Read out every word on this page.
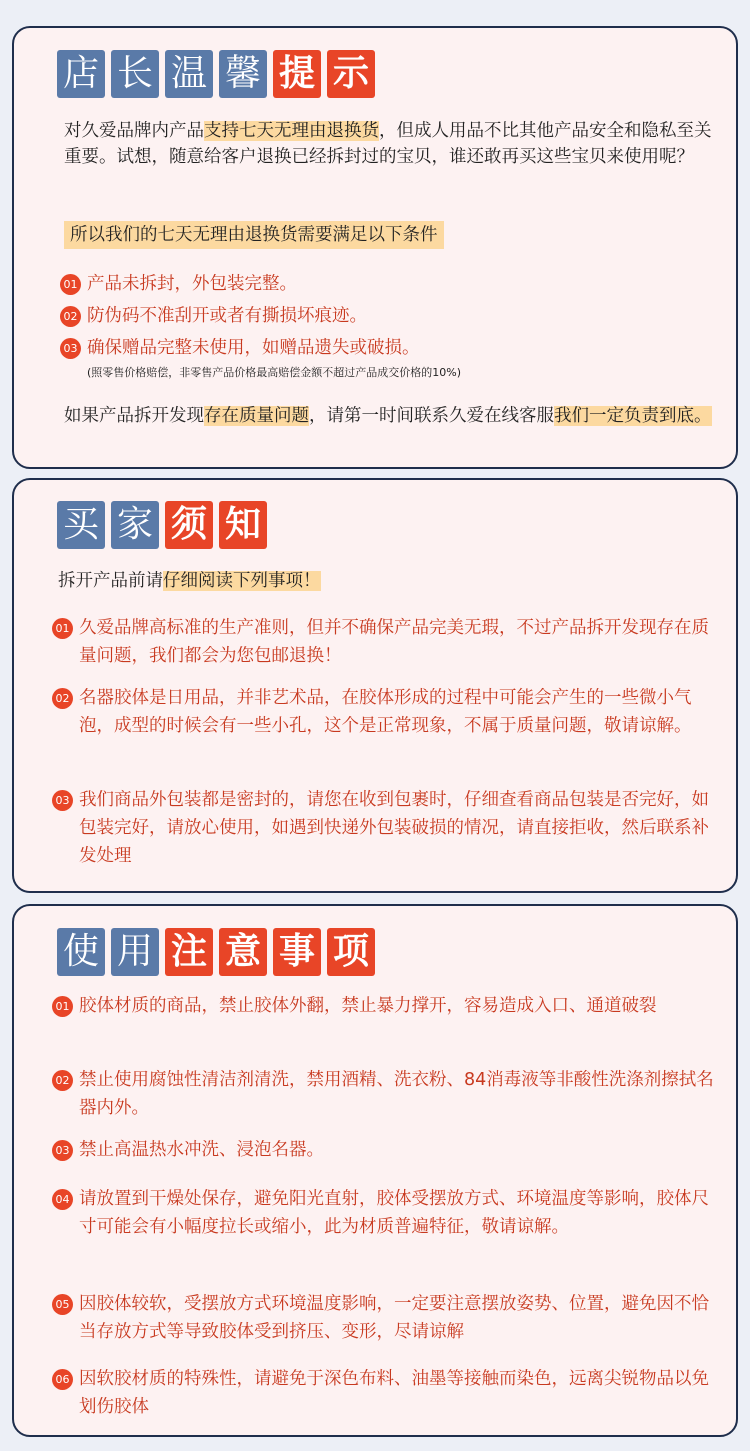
店 长 温 馨 提 示

对久爱品牌内产品支持七天无理由退换货，但成人用品不比其他产品安全和隐私至关重要。试想，随意给客户退换已经拆封过的宝贝，谁还敢再买这些宝贝来使用呢？

所以我们的七天无理由退换货需要满足以下条件
01 产品未拆封，外包装完整。
02 防伪码不准刮开或者有撕损坏痕迹。
03 确保赠品完整未使用，如赠品遗失或破损。
(照零售价格赔偿，非零售产品价格最高赔偿金额不超过产品成交价格的10%)

如果产品拆开发现存在质量问题，请第一时间联系久爱在线客服我们一定负责到底。

买 家 须 知

拆开产品前请仔细阅读下列事项！

01 久爱品牌高标准的生产准则，但并不确保产品完美无瑕，不过产品拆开发现存在质量问题，我们都会为您包邮退换！
02 名器胶体是日用品，并非艺术品，在胶体形成的过程中可能会产生的一些微小气泡，成型的时候会有一些小孔，这个是正常现象，不属于质量问题，敬请谅解。
03 我们商品外包装都是密封的，请您在收到包裹时，仔细查看商品包装是否完好，如包装完好，请放心使用，如遇到快递外包装破损的情况，请直接拒收，然后联系补发处理
使 用 注 意 事 项
01 胶体材质的商品，禁止胶体外翻，禁止暴力撑开，容易造成入口、通道破裂
02 禁止使用腐蚀性清洁剂清洗，禁用酒精、洗衣粉、84消毒液等非酸性洗涤剂擦拭名器内外。
03 禁止高温热水冲洗、浸泡名器。
04 请放置到干燥处保存，避免阳光直射，胶体受摆放方式、环境温度等影响，胶体尺寸可能会有小幅度拉长或缩小，此为材质普遍特征，敬请谅解。
05 因胶体较软，受摆放方式环境温度影响，一定要注意摆放姿势、位置，避免因不恰当存放方式等导致胶体受到挤压、变形，尽请谅解
06 因软胶材质的特殊性，请避免于深色布料、油墨等接触而染色，远离尖锐物品以免划伤胶体
